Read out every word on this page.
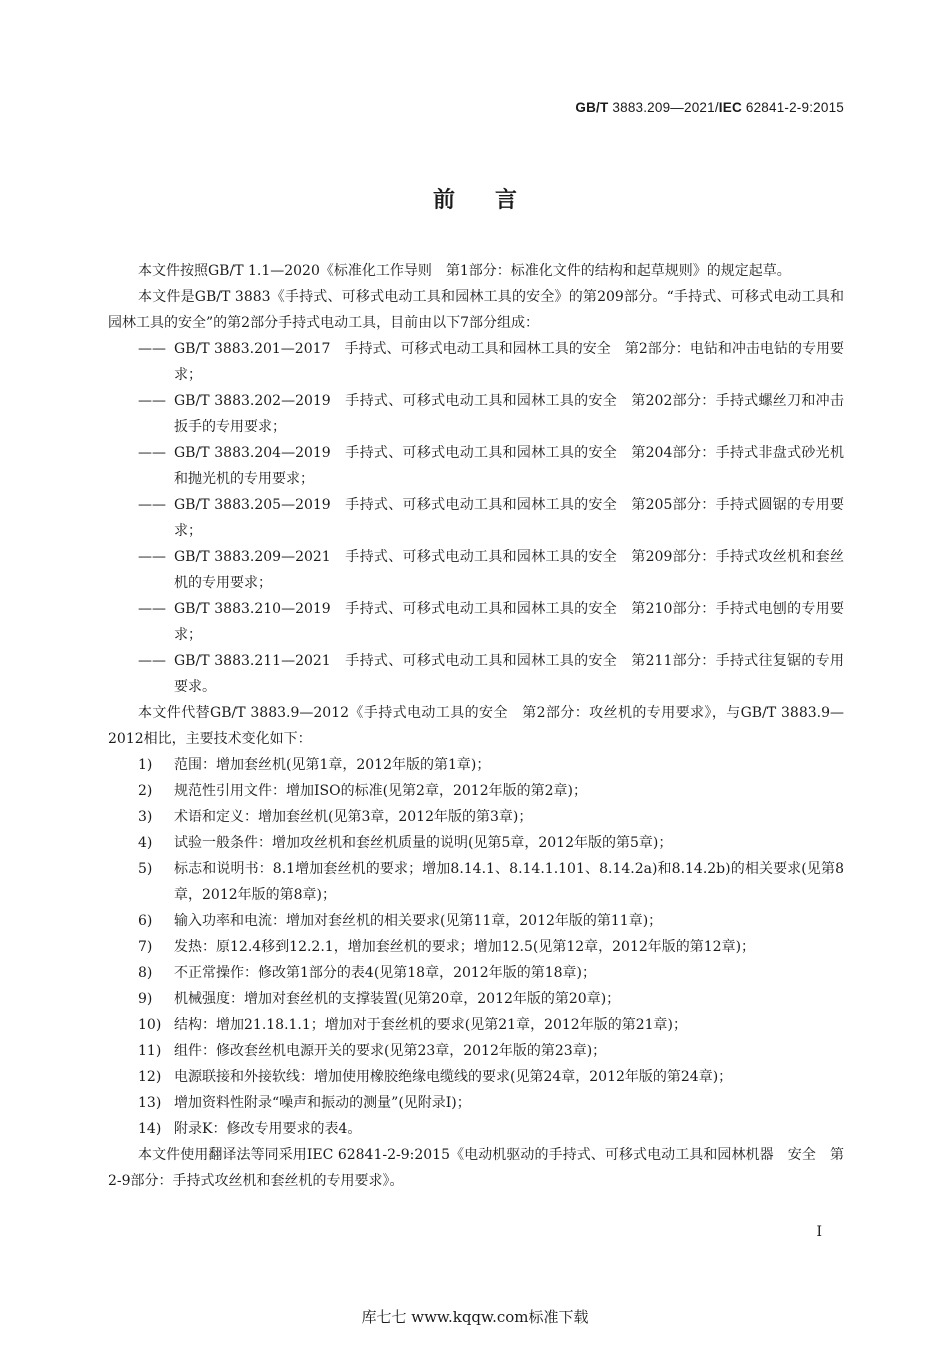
GB/T 3883.209—2021/IEC 62841-2-9:2015
前言

本文件按照GB/T 1.1—2020《标准化工作导则　第1部分：标准化文件的结构和起草规则》的规定起草。

本文件是GB/T 3883《手持式、可移式电动工具和园林工具的安全》的第209部分。“手持式、可移式电动工具和园林工具的安全”的第2部分手持式电动工具，目前由以下7部分组成：

—— GB/T 3883.201—2017　手持式、可移式电动工具和园林工具的安全　第2部分：电钻和冲击电钻的专用要求；
—— GB/T 3883.202—2019　手持式、可移式电动工具和园林工具的安全　第202部分：手持式螺丝刀和冲击扳手的专用要求；
—— GB/T 3883.204—2019　手持式、可移式电动工具和园林工具的安全　第204部分：手持式非盘式砂光机和抛光机的专用要求；
—— GB/T 3883.205—2019　手持式、可移式电动工具和园林工具的安全　第205部分：手持式圆锯的专用要求；
—— GB/T 3883.209—2021　手持式、可移式电动工具和园林工具的安全　第209部分：手持式攻丝机和套丝机的专用要求；
—— GB/T 3883.210—2019　手持式、可移式电动工具和园林工具的安全　第210部分：手持式电刨的专用要求；
—— GB/T 3883.211—2021　手持式、可移式电动工具和园林工具的安全　第211部分：手持式往复锯的专用要求。

本文件代替GB/T 3883.9—2012《手持式电动工具的安全　第2部分：攻丝机的专用要求》，与GB/T 3883.9—2012相比，主要技术变化如下：

1)	范围：增加套丝机(见第1章，2012年版的第1章)；
2)	规范性引用文件：增加ISO的标准(见第2章，2012年版的第2章)；
3)	术语和定义：增加套丝机(见第3章，2012年版的第3章)；
4)	试验一般条件：增加攻丝机和套丝机质量的说明(见第5章，2012年版的第5章)；
5)	标志和说明书：8.1增加套丝机的要求；增加8.14.1、8.14.1.101、8.14.2a)和8.14.2b)的相关要求(见第8章，2012年版的第8章)；
6)	输入功率和电流：增加对套丝机的相关要求(见第11章，2012年版的第11章)；
7)	发热：原12.4移到12.2.1，增加套丝机的要求；增加12.5(见第12章，2012年版的第12章)；
8)	不正常操作：修改第1部分的表4(见第18章，2012年版的第18章)；
9)	机械强度：增加对套丝机的支撑装置(见第20章，2012年版的第20章)；
10) 结构：增加21.18.1.1；增加对于套丝机的要求(见第21章，2012年版的第21章)；
11) 组件：修改套丝机电源开关的要求(见第23章，2012年版的第23章)；
12) 电源联接和外接软线：增加使用橡胶绝缘电缆线的要求(见第24章，2012年版的第24章)；
13) 增加资料性附录“噪声和振动的测量”(见附录I)；
14) 附录K：修改专用要求的表4。

本文件使用翻译法等同采用IEC 62841-2-9:2015《电动机驱动的手持式、可移式电动工具和园林机器　安全　第2-9部分：手持式攻丝机和套丝机的专用要求》。

I
库七七 www.kqqw.com标准下载
